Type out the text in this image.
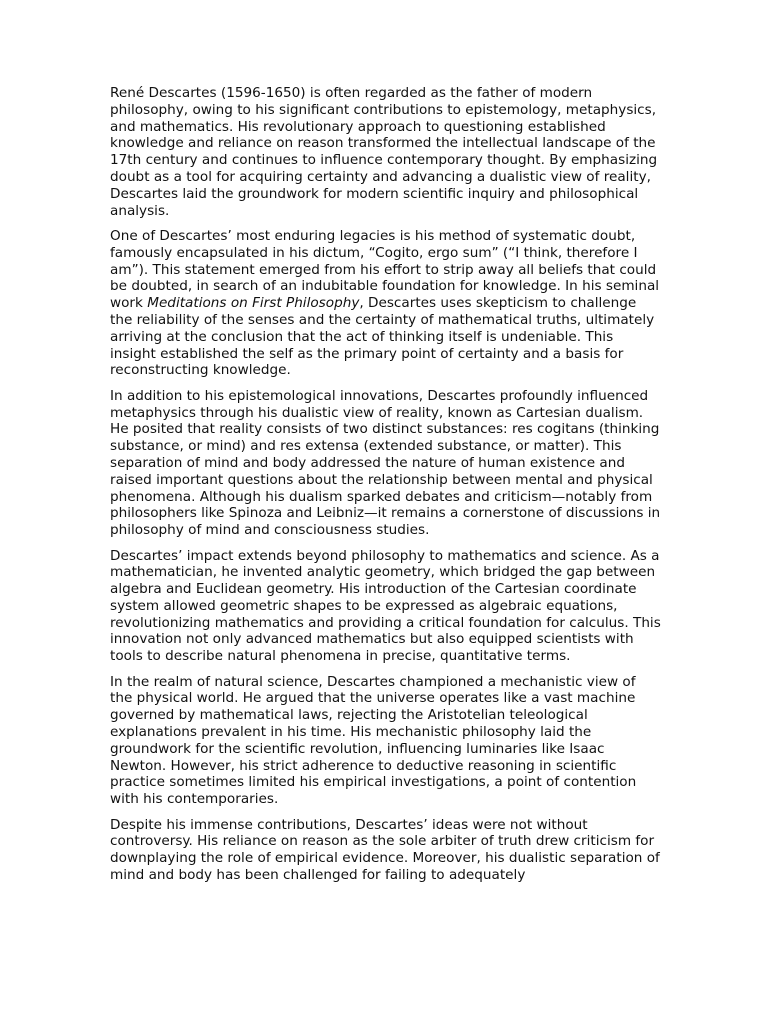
René Descartes (1596-1650) is often regarded as the father of modern philosophy, owing to his significant contributions to epistemology, metaphysics, and mathematics. His revolutionary approach to questioning established knowledge and reliance on reason transformed the intellectual landscape of the 17th century and continues to influence contemporary thought. By emphasizing doubt as a tool for acquiring certainty and advancing a dualistic view of reality, Descartes laid the groundwork for modern scientific inquiry and philosophical analysis.

One of Descartes’ most enduring legacies is his method of systematic doubt, famously encapsulated in his dictum, “Cogito, ergo sum” (“I think, therefore I am”). This statement emerged from his effort to strip away all beliefs that could be doubted, in search of an indubitable foundation for knowledge. In his seminal work Meditations on First Philosophy, Descartes uses skepticism to challenge the reliability of the senses and the certainty of mathematical truths, ultimately arriving at the conclusion that the act of thinking itself is undeniable. This insight established the self as the primary point of certainty and a basis for reconstructing knowledge.

In addition to his epistemological innovations, Descartes profoundly influenced metaphysics through his dualistic view of reality, known as Cartesian dualism. He posited that reality consists of two distinct substances: res cogitans (thinking substance, or mind) and res extensa (extended substance, or matter). This separation of mind and body addressed the nature of human existence and raised important questions about the relationship between mental and physical phenomena. Although his dualism sparked debates and criticism—notably from philosophers like Spinoza and Leibniz—it remains a cornerstone of discussions in philosophy of mind and consciousness studies.

Descartes’ impact extends beyond philosophy to mathematics and science. As a mathematician, he invented analytic geometry, which bridged the gap between algebra and Euclidean geometry. His introduction of the Cartesian coordinate system allowed geometric shapes to be expressed as algebraic equations, revolutionizing mathematics and providing a critical foundation for calculus. This innovation not only advanced mathematics but also equipped scientists with tools to describe natural phenomena in precise, quantitative terms.

In the realm of natural science, Descartes championed a mechanistic view of the physical world. He argued that the universe operates like a vast machine governed by mathematical laws, rejecting the Aristotelian teleological explanations prevalent in his time. His mechanistic philosophy laid the groundwork for the scientific revolution, influencing luminaries like Isaac Newton. However, his strict adherence to deductive reasoning in scientific practice sometimes limited his empirical investigations, a point of contention with his contemporaries.

Despite his immense contributions, Descartes’ ideas were not without controversy. His reliance on reason as the sole arbiter of truth drew criticism for downplaying the role of empirical evidence. Moreover, his dualistic separation of mind and body has been challenged for failing to adequately
